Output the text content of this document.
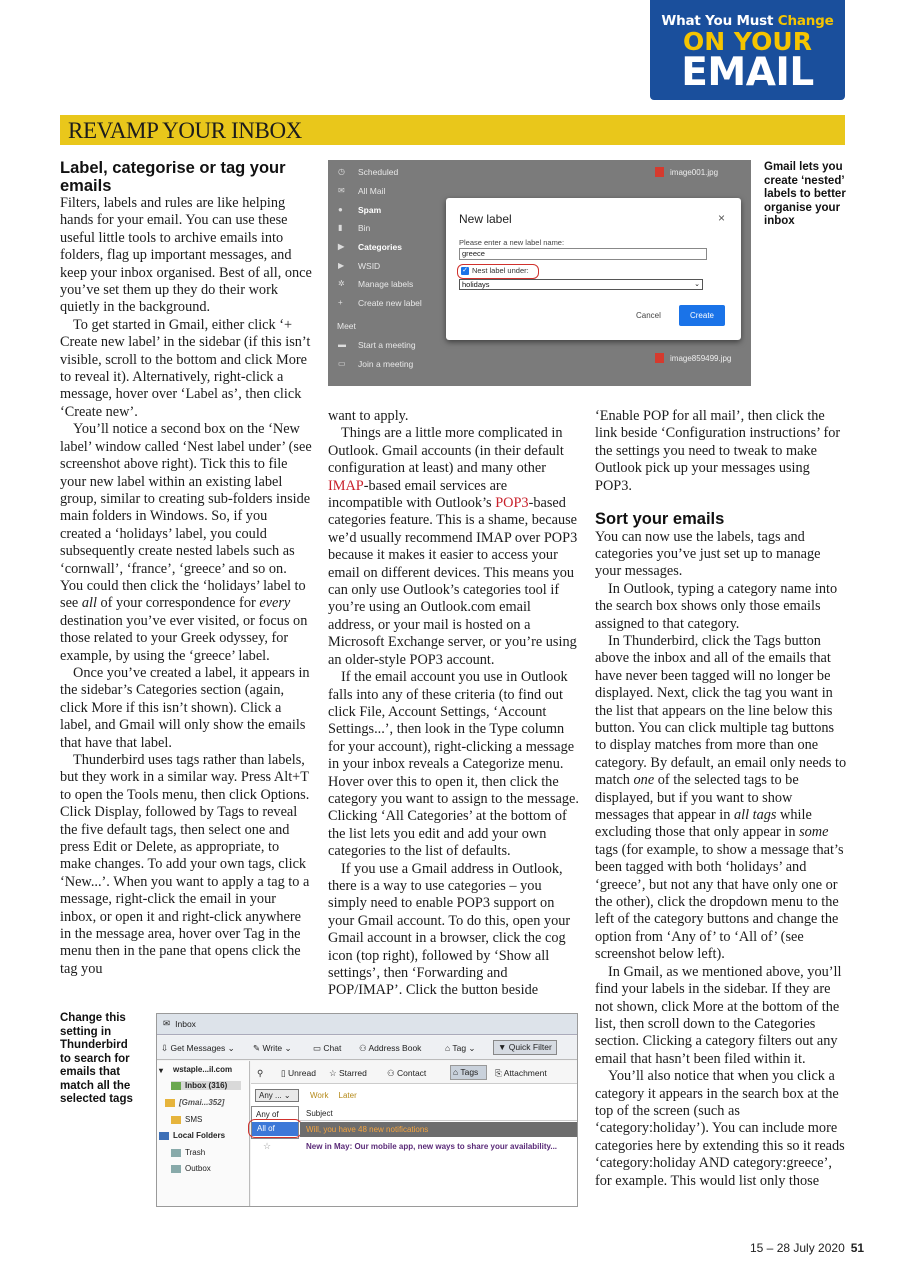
What You Must Change
ON YOUR
EMAIL
REVAMP YOUR INBOX
Label, categorise or tag your emails

Filters, labels and rules are like helping hands for your email. You can use these useful little tools to archive emails into folders, flag up important messages, and keep your inbox organised. Best of all, once you’ve set them up they do their work quietly in the background.

To get started in Gmail, either click ‘+ Create new label’ in the sidebar (if this isn’t visible, scroll to the bottom and click More to reveal it). Alternatively, right-click a message, hover over ‘Label as’, then click ‘Create new’.

You’ll notice a second box on the ‘New label’ window called ‘Nest label under’ (see screenshot above right). Tick this to file your new label within an existing label group, similar to creating sub-folders inside main folders in Windows. So, if you created a ‘holidays’ label, you could subsequently create nested labels such as ‘cornwall’, ‘france’, ‘greece’ and so on. You could then click the ‘holidays’ label to see all of your correspondence for every destination you’ve ever visited, or focus on those related to your Greek odyssey, for example, by using the ‘greece’ label.

Once you’ve created a label, it appears in the sidebar’s Categories section (again, click More if this isn’t shown). Click a label, and Gmail will only show the emails that have that label.

Thunderbird uses tags rather than labels, but they work in a similar way. Press Alt+T to open the Tools menu, then click Options. Click Display, followed by Tags to reveal the five default tags, then select one and press Edit or Delete, as appropriate, to make changes. To add your own tags, click ‘New...’. When you want to apply a tag to a message, right-click the email in your inbox, or open it and right-click anywhere in the message area, hover over Tag in the menu then in the pane that opens click the tag you

want to apply.

Things are a little more complicated in Outlook. Gmail accounts (in their default configuration at least) and many other IMAP-based email services are incompatible with Outlook’s POP3-based categories feature. This is a shame, because we’d usually recommend IMAP over POP3 because it makes it easier to access your email on different devices. This means you can only use Outlook’s categories tool if you’re using an Outlook.com email address, or your mail is hosted on a Microsoft Exchange server, or you’re using an older-style POP3 account.

If the email account you use in Outlook falls into any of these criteria (to find out click File, Account Settings, ‘Account Settings...’, then look in the Type column for your account), right-clicking a message in your inbox reveals a Categorize menu. Hover over this to open it, then click the category you want to assign to the message. Clicking ‘All Categories’ at the bottom of the list lets you edit and add your own categories to the list of defaults.

If you use a Gmail address in Outlook, there is a way to use categories – you simply need to enable POP3 support on your Gmail account. To do this, open your Gmail account in a browser, click the cog icon (top right), followed by ‘Show all settings’, then ‘Forwarding and POP/IMAP’. Click the button beside

‘Enable POP for all mail’, then click the link beside ‘Configuration instructions’ for the settings you need to tweak to make Outlook pick up your messages using POP3.

Sort your emails

You can now use the labels, tags and categories you’ve just set up to manage your messages.

In Outlook, typing a category name into the search box shows only those emails assigned to that category.

In Thunderbird, click the Tags button above the inbox and all of the emails that have never been tagged will no longer be displayed. Next, click the tag you want in the list that appears on the line below this button. You can click multiple tag buttons to display matches from more than one category. By default, an email only needs to match one of the selected tags to be displayed, but if you want to show messages that appear in all tags while excluding those that only appear in some tags (for example, to show a message that’s been tagged with both ‘holidays’ and ‘greece’, but not any that have only one or the other), click the dropdown menu to the left of the category buttons and change the option from ‘Any of’ to ‘All of’ (see screenshot below left).

In Gmail, as we mentioned above, you’ll find your labels in the sidebar. If they are not shown, click More at the bottom of the list, then scroll down to the Categories section. Clicking a category filters out any email that hasn’t been filed within it.

You’ll also notice that when you click a category it appears in the search box at the top of the screen (such as ‘category:holiday’). You can include more categories here by extending this so it reads ‘category:holiday AND category:greece’, for example. This would list only those

Gmail lets you create ‘nested’ labels to better organise your inbox
Change this setting in Thunderbird to search for emails that match all the selected tags
◷	Scheduled
✉	All Mail
●	Spam
▮	Bin
▶	Categories
▶	WSID
✲	Manage labels
+	Create new label
Meet
▬ Start a meeting
▭ Join a meeting
image001.jpg
image859499.jpg
New label	×
Please enter a new label name:
greece
✓ Nest label under:
holidays	⌄
Cancel	Create
✉ Inbox
⇩ Get Messages ⌄ ✎ Write ⌄	▭ Chat ⚇ Address Book	⌂ Tag ⌄	▼ Quick Filter
▾	wstaple...il.com
Inbox (316)
[Gmai...352]
SMS
Local Folders
Trash
Outbox
⚲ ▯ Unread ☆ Starred ⚇ Contact	⌂ Tags	⎘ Attachment
Any ... ⌄	Work Later
Any of
All of
Subject
Will, you have 48 new notifications
☆	New in May: Our mobile app, new ways to share your availability...
15 – 28 July 2020 51
